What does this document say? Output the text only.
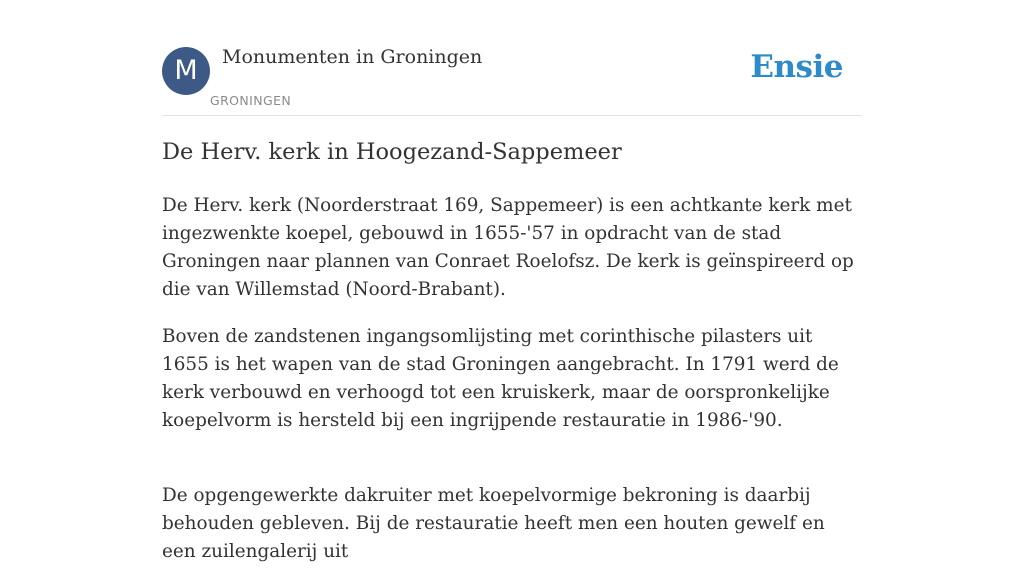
M	Monumenten in Groningen
GRONINGEN
Ensie
De Herv. kerk in Hoogezand-Sappemeer

De Herv. kerk (Noorderstraat 169, Sappemeer) is een achtkante kerk met ingezwenkte koepel, gebouwd in 1655-'57 in opdracht van de stad Groningen naar plannen van Conraet Roelofsz. De kerk is geïnspireerd op die van Willemstad (Noord-Brabant).

Boven de zandstenen ingangsomlijsting met corinthische pilasters uit 1655 is het wapen van de stad Groningen aangebracht. In 1791 werd de kerk verbouwd en verhoogd tot een kruiskerk, maar de oorspronkelijke koepelvorm is hersteld bij een ingrijpende restauratie in 1986-'90.

De opgengewerkte dakruiter met koepelvormige bekroning is daarbij behouden gebleven. Bij de restauratie heeft men een houten gewelf en een zuilengalerij uit
